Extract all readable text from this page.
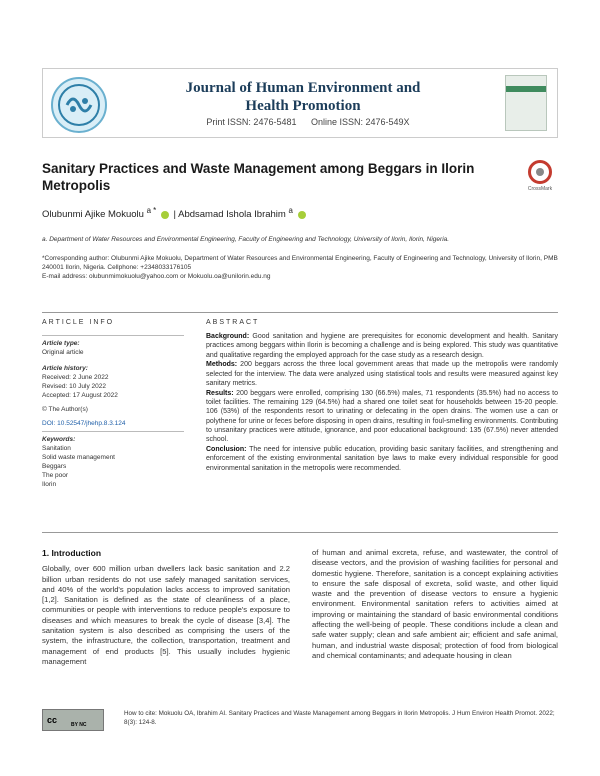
Journal of Human Environment and
Health Promotion
Print ISSN: 2476-5481 Online ISSN: 2476-549X
Sanitary Practices and Waste Management among Beggars in Ilorin Metropolis	CrossMark
Olubunmi Ajike Mokuolu $^{a *}$ | Abdsamad Ishola Ibrahim $^a$
a. Department of Water Resources and Environmental Engineering, Faculty of Engineering and Technology, University of Ilorin, Ilorin, Nigeria.
*Corresponding author: Olubunmi Ajike Mokuolu, Department of Water Resources and Environmental Engineering, Faculty of Engineering and Technology, University of Ilorin, PMB 240001 Ilorin, Nigeria. Cellphone: +2348033176105
E-mail address: olubunmimokuolu@yahoo.com or Mokuolu.oa@unilorin.edu.ng
ARTICLE INFO	ABSTRACT
Article type:
Original article
Article history:
Received: 2 June 2022
Revised: 10 July 2022
Accepted: 17 August 2022
© The Author(s)
DOI: 10.52547/jhehp.8.3.124
Keywords:
Sanitation
Solid waste management
Beggars
The poor
Ilorin

Background: Good sanitation and hygiene are prerequisites for economic development and health. Sanitary practices among beggars within Ilorin is becoming a challenge and is being explored. This study was quantitative and qualitative regarding the employed approach for the case study as a research design.

Methods: 200 beggars across the three local government areas that made up the metropolis were randomly selected for the interview. The data were analyzed using statistical tools and results were measured against key sanitary metrics.

Results: 200 beggars were enrolled, comprising 130 (66.5%) males, 71 respondents (35.5%) had no access to toilet facilities. The remaining 129 (64.5%) had a shared one toilet seat for households between 15-20 people. 106 (53%) of the respondents resort to urinating or defecating in the open drains. The women use a can or polythene for urine or feces before disposing in open drains, resulting in foul-smelling environments. Contributing to unsanitary practices were attitude, ignorance, and poor educational background: 135 (67.5%) never attended school.

Conclusion: The need for intensive public education, providing basic sanitary facilities, and strengthening and enforcement of the existing environmental sanitation bye laws to make every individual responsible for good environmental sanitation in the metropolis were recommended.

1. Introduction
Globally, over 600 million urban dwellers lack basic sanitation and 2.2 billion urban residents do not use safely managed sanitation services, and 40% of the world's population lacks access to improved sanitation [1,2]. Sanitation is defined as the state of cleanliness of a place, communities or people with interventions to reduce people's exposure to diseases and which measures to break the cycle of disease [3,4]. The sanitation system is also described as comprising the users of the system, the infrastructure, the collection, transportation, treatment and management of end products [5]. This usually includes hygienic management
of human and animal excreta, refuse, and wastewater, the control of disease vectors, and the provision of washing facilities for personal and domestic hygiene. Therefore, sanitation is a concept explaining activities to ensure the safe disposal of excreta, solid waste, and other liquid waste and the prevention of disease vectors to ensure a hygienic environment. Environmental sanitation refers to activities aimed at improving or maintaining the standard of basic environmental conditions affecting the well-being of people. These conditions include a clean and safe water supply; clean and safe ambient air; efficient and safe animal, human, and industrial waste disposal; protection of food from biological and chemical contaminants; and adequate housing in clean
cc	BY NC
How to cite: Mokuolu OA, Ibrahim AI. Sanitary Practices and Waste Management among Beggars in Ilorin Metropolis. J Hum Environ Health Promot. 2022; 8(3): 124-8.
